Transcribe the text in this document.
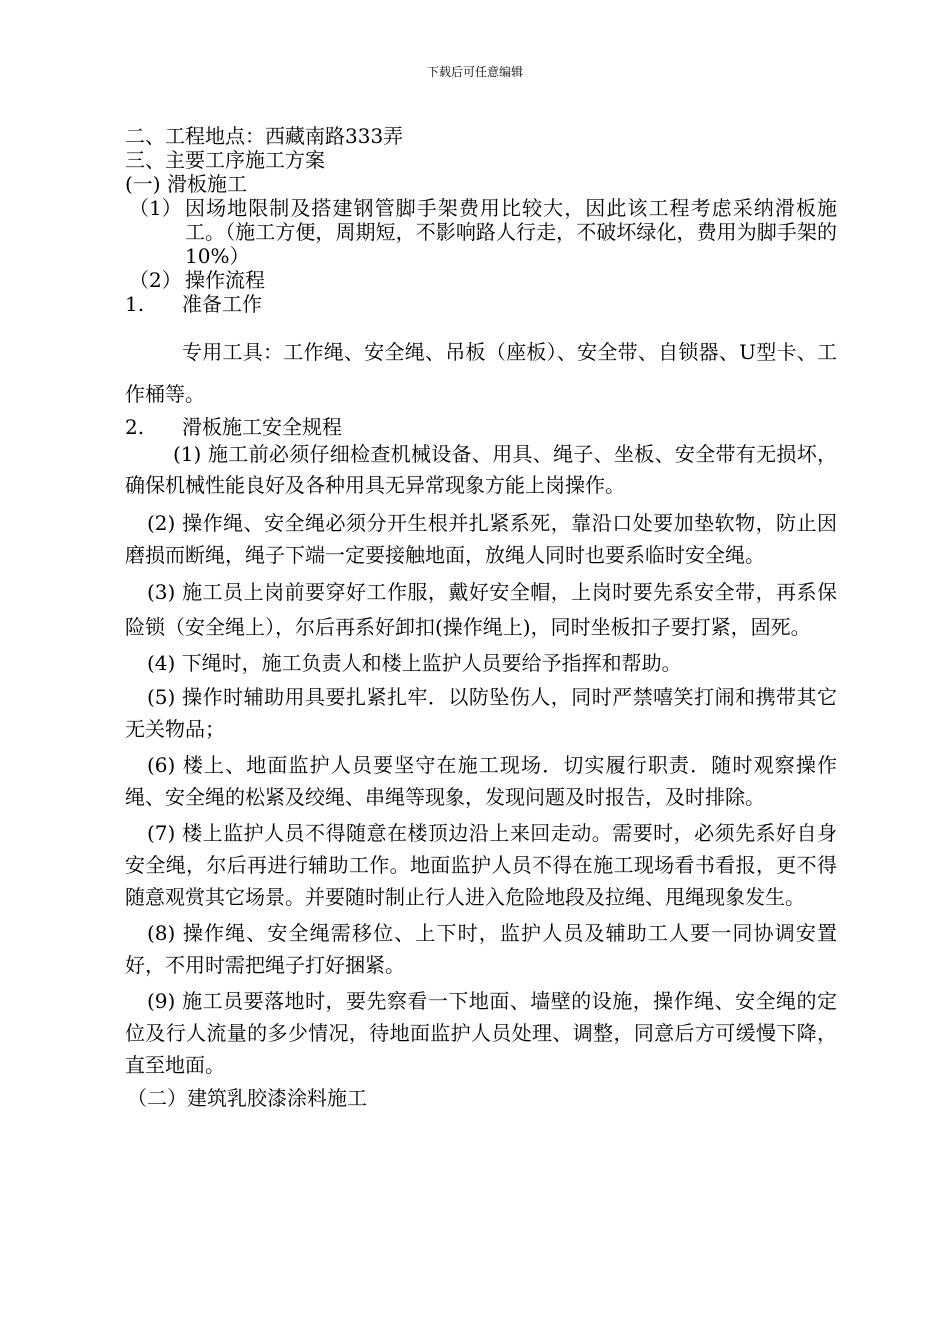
下载后可任意编辑
二、工程地点：西藏南路333弄
三、主要工序施工方案
(一) 滑板施工
（1） 因场地限制及搭建钢管脚手架费用比较大，因此该工程考虑采纳滑板施工。（施工方便，周期短，不影响路人行走，不破坏绿化，费用为脚手架的10%）
（2） 操作流程
1.	准备工作
专用工具：工作绳、安全绳、吊板（座板）、安全带、自锁器、U型卡、工作桶等。
2.	滑板施工安全规程
(1) 施工前必须仔细检查机械设备、用具、绳子、坐板、安全带有无损坏，确保机械性能良好及各种用具无异常现象方能上岗操作。
(2) 操作绳、安全绳必须分开生根并扎紧系死，靠沿口处要加垫软物，防止因磨损而断绳，绳子下端一定要接触地面，放绳人同时也要系临时安全绳。
(3) 施工员上岗前要穿好工作服，戴好安全帽，上岗时要先系安全带，再系保险锁（安全绳上），尔后再系好卸扣(操作绳上)，同时坐板扣子要打紧，固死。
(4) 下绳时，施工负责人和楼上监护人员要给予指挥和帮助。
(5) 操作时辅助用具要扎紧扎牢．以防坠伤人，同时严禁嘻笑打闹和携带其它无关物品；
(6) 楼上、地面监护人员要坚守在施工现场．切实履行职责．随时观察操作绳、安全绳的松紧及绞绳、串绳等现象，发现问题及时报告，及时排除。
(7) 楼上监护人员不得随意在楼顶边沿上来回走动。需要时，必须先系好自身安全绳，尔后再进行辅助工作。地面监护人员不得在施工现场看书看报，更不得随意观赏其它场景。并要随时制止行人进入危险地段及拉绳、甩绳现象发生。
(8) 操作绳、安全绳需移位、上下时，监护人员及辅助工人要一同协调安置好，不用时需把绳子打好捆紧。
(9) 施工员要落地时，要先察看一下地面、墙壁的设施，操作绳、安全绳的定位及行人流量的多少情况，待地面监护人员处理、调整，同意后方可缓慢下降，直至地面。
（二）建筑乳胶漆涂料施工
